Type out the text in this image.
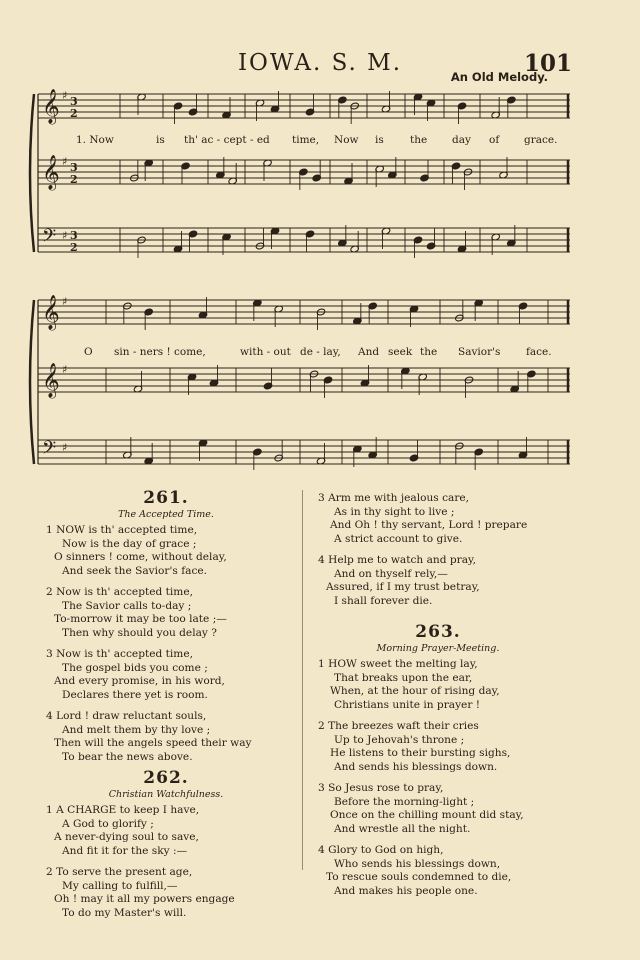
IOWA. S. M.	101
An Old Melody.
𝄞 ♯
𝄞 ♯
𝄢 ♯
3
2
3
2
3
2
𝄞 ♯
𝄞 ♯
𝄢 ♯
1. Now	is th' ac - cept - ed time, Now is	the day of grace.
O sin - ners ! come,	with - out de - lay, And seek the Savior's face.
261.
The Accepted Time.
1 NOW is th' accepted time,
Now is the day of grace ;
O sinners ! come, without delay,
And seek the Savior's face.
2 Now is th' accepted time,
The Savior calls to-day ;
To-morrow it may be too late ;—
Then why should you delay ?
3 Now is th' accepted time,
The gospel bids you come ;
And every promise, in his word,
Declares there yet is room.
4 Lord ! draw reluctant souls,
And melt them by thy love ;
Then will the angels speed their way
To bear the news above.
262.
Christian Watchfulness.
1 A CHARGE to keep I have,
A God to glorify ;
A never-dying soul to save,
And fit it for the sky :—
2 To serve the present age,
My calling to fulfill,—
Oh ! may it all my powers engage
To do my Master's will.
3 Arm me with jealous care,
As in thy sight to live ;
And Oh ! thy servant, Lord ! prepare
A strict account to give.
4 Help me to watch and pray,
And on thyself rely,—
Assured, if I my trust betray,
I shall forever die.
263.
Morning Prayer-Meeting.
1 HOW sweet the melting lay,
That breaks upon the ear,
When, at the hour of rising day,
Christians unite in prayer !
2 The breezes waft their cries
Up to Jehovah's throne ;
He listens to their bursting sighs,
And sends his blessings down.
3 So Jesus rose to pray,
Before the morning-light ;
Once on the chilling mount did stay,
And wrestle all the night.
4 Glory to God on high,
Who sends his blessings down,
To rescue souls condemned to die,
And makes his people one.
